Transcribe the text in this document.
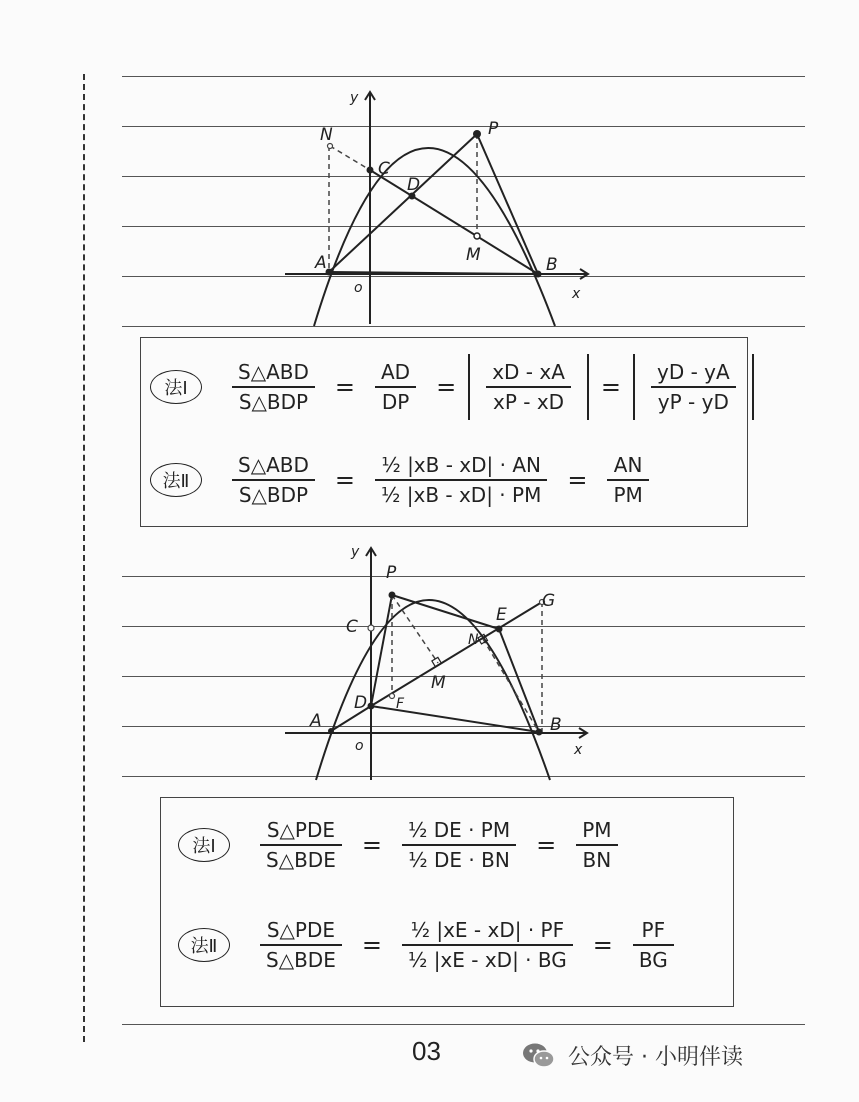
A	B
C
D
P
M
N
x
y
o
法Ⅰ	$\frac{\text{S△ABD}}{\text{S△BDP}} = \frac{AD}{DP} = \frac{xD - xA}{xP - xD} = \frac{yD - yA}{yP - yD}$
法Ⅱ	$\frac{\text{S△ABD}}{\text{S△BDP}} = \frac{\text{½ |xB - xD| · AN}}{\text{½ |xB - xD| · PM}} = \frac{AN}{PM}$
A	B
C
D
E
F
G
M
N
P
x
y
o
法Ⅰ	$\frac{\text{S△PDE}}{\text{S△BDE}} = \frac{\text{½ DE · PM}}{\text{½ DE · BN}} = \frac{PM}{BN}$
法Ⅱ	$\frac{\text{S△PDE}}{\text{S△BDE}} = \frac{\text{½ |xE - xD| · PF}}{\text{½ |xE - xD| · BG}} = \frac{PF}{BG}$
03	公众号 · 小明伴读
